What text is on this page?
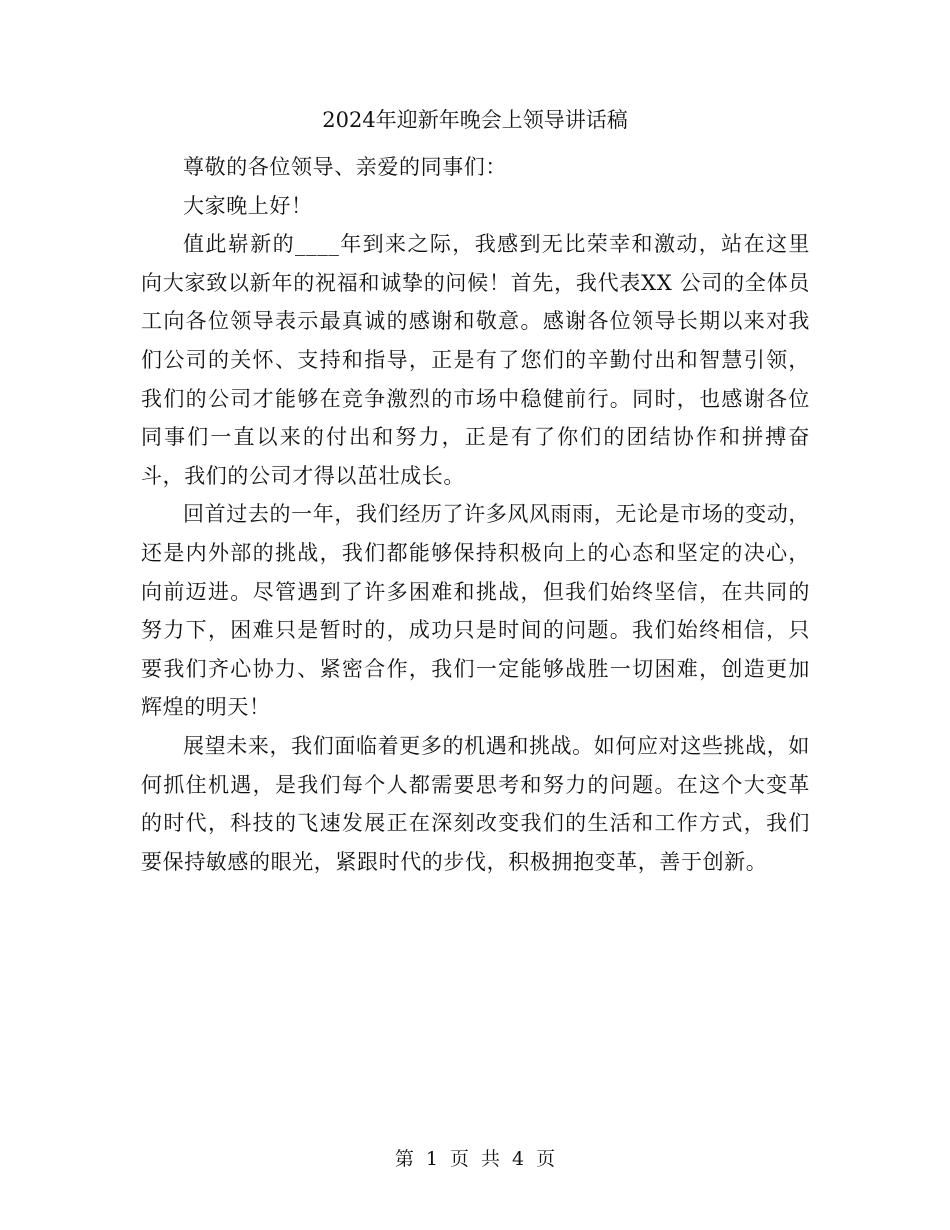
2024年迎新年晚会上领导讲话稿

尊敬的各位领导、亲爱的同事们：

大家晚上好！

值此崭新的____年到来之际，我感到无比荣幸和激动，站在这里向大家致以新年的祝福和诚挚的问候！首先，我代表XX 公司的全体员工向各位领导表示最真诚的感谢和敬意。感谢各位领导长期以来对我们公司的关怀、支持和指导，正是有了您们的辛勤付出和智慧引领，我们的公司才能够在竞争激烈的市场中稳健前行。同时，也感谢各位同事们一直以来的付出和努力，正是有了你们的团结协作和拼搏奋斗，我们的公司才得以茁壮成长。

回首过去的一年，我们经历了许多风风雨雨，无论是市场的变动，还是内外部的挑战，我们都能够保持积极向上的心态和坚定的决心，向前迈进。尽管遇到了许多困难和挑战，但我们始终坚信，在共同的努力下，困难只是暂时的，成功只是时间的问题。我们始终相信，只要我们齐心协力、紧密合作，我们一定能够战胜一切困难，创造更加辉煌的明天！

展望未来，我们面临着更多的机遇和挑战。如何应对这些挑战，如何抓住机遇，是我们每个人都需要思考和努力的问题。在这个大变革的时代，科技的飞速发展正在深刻改变我们的生活和工作方式，我们要保持敏感的眼光，紧跟时代的步伐，积极拥抱变革，善于创新。

第 1 页 共 4 页
